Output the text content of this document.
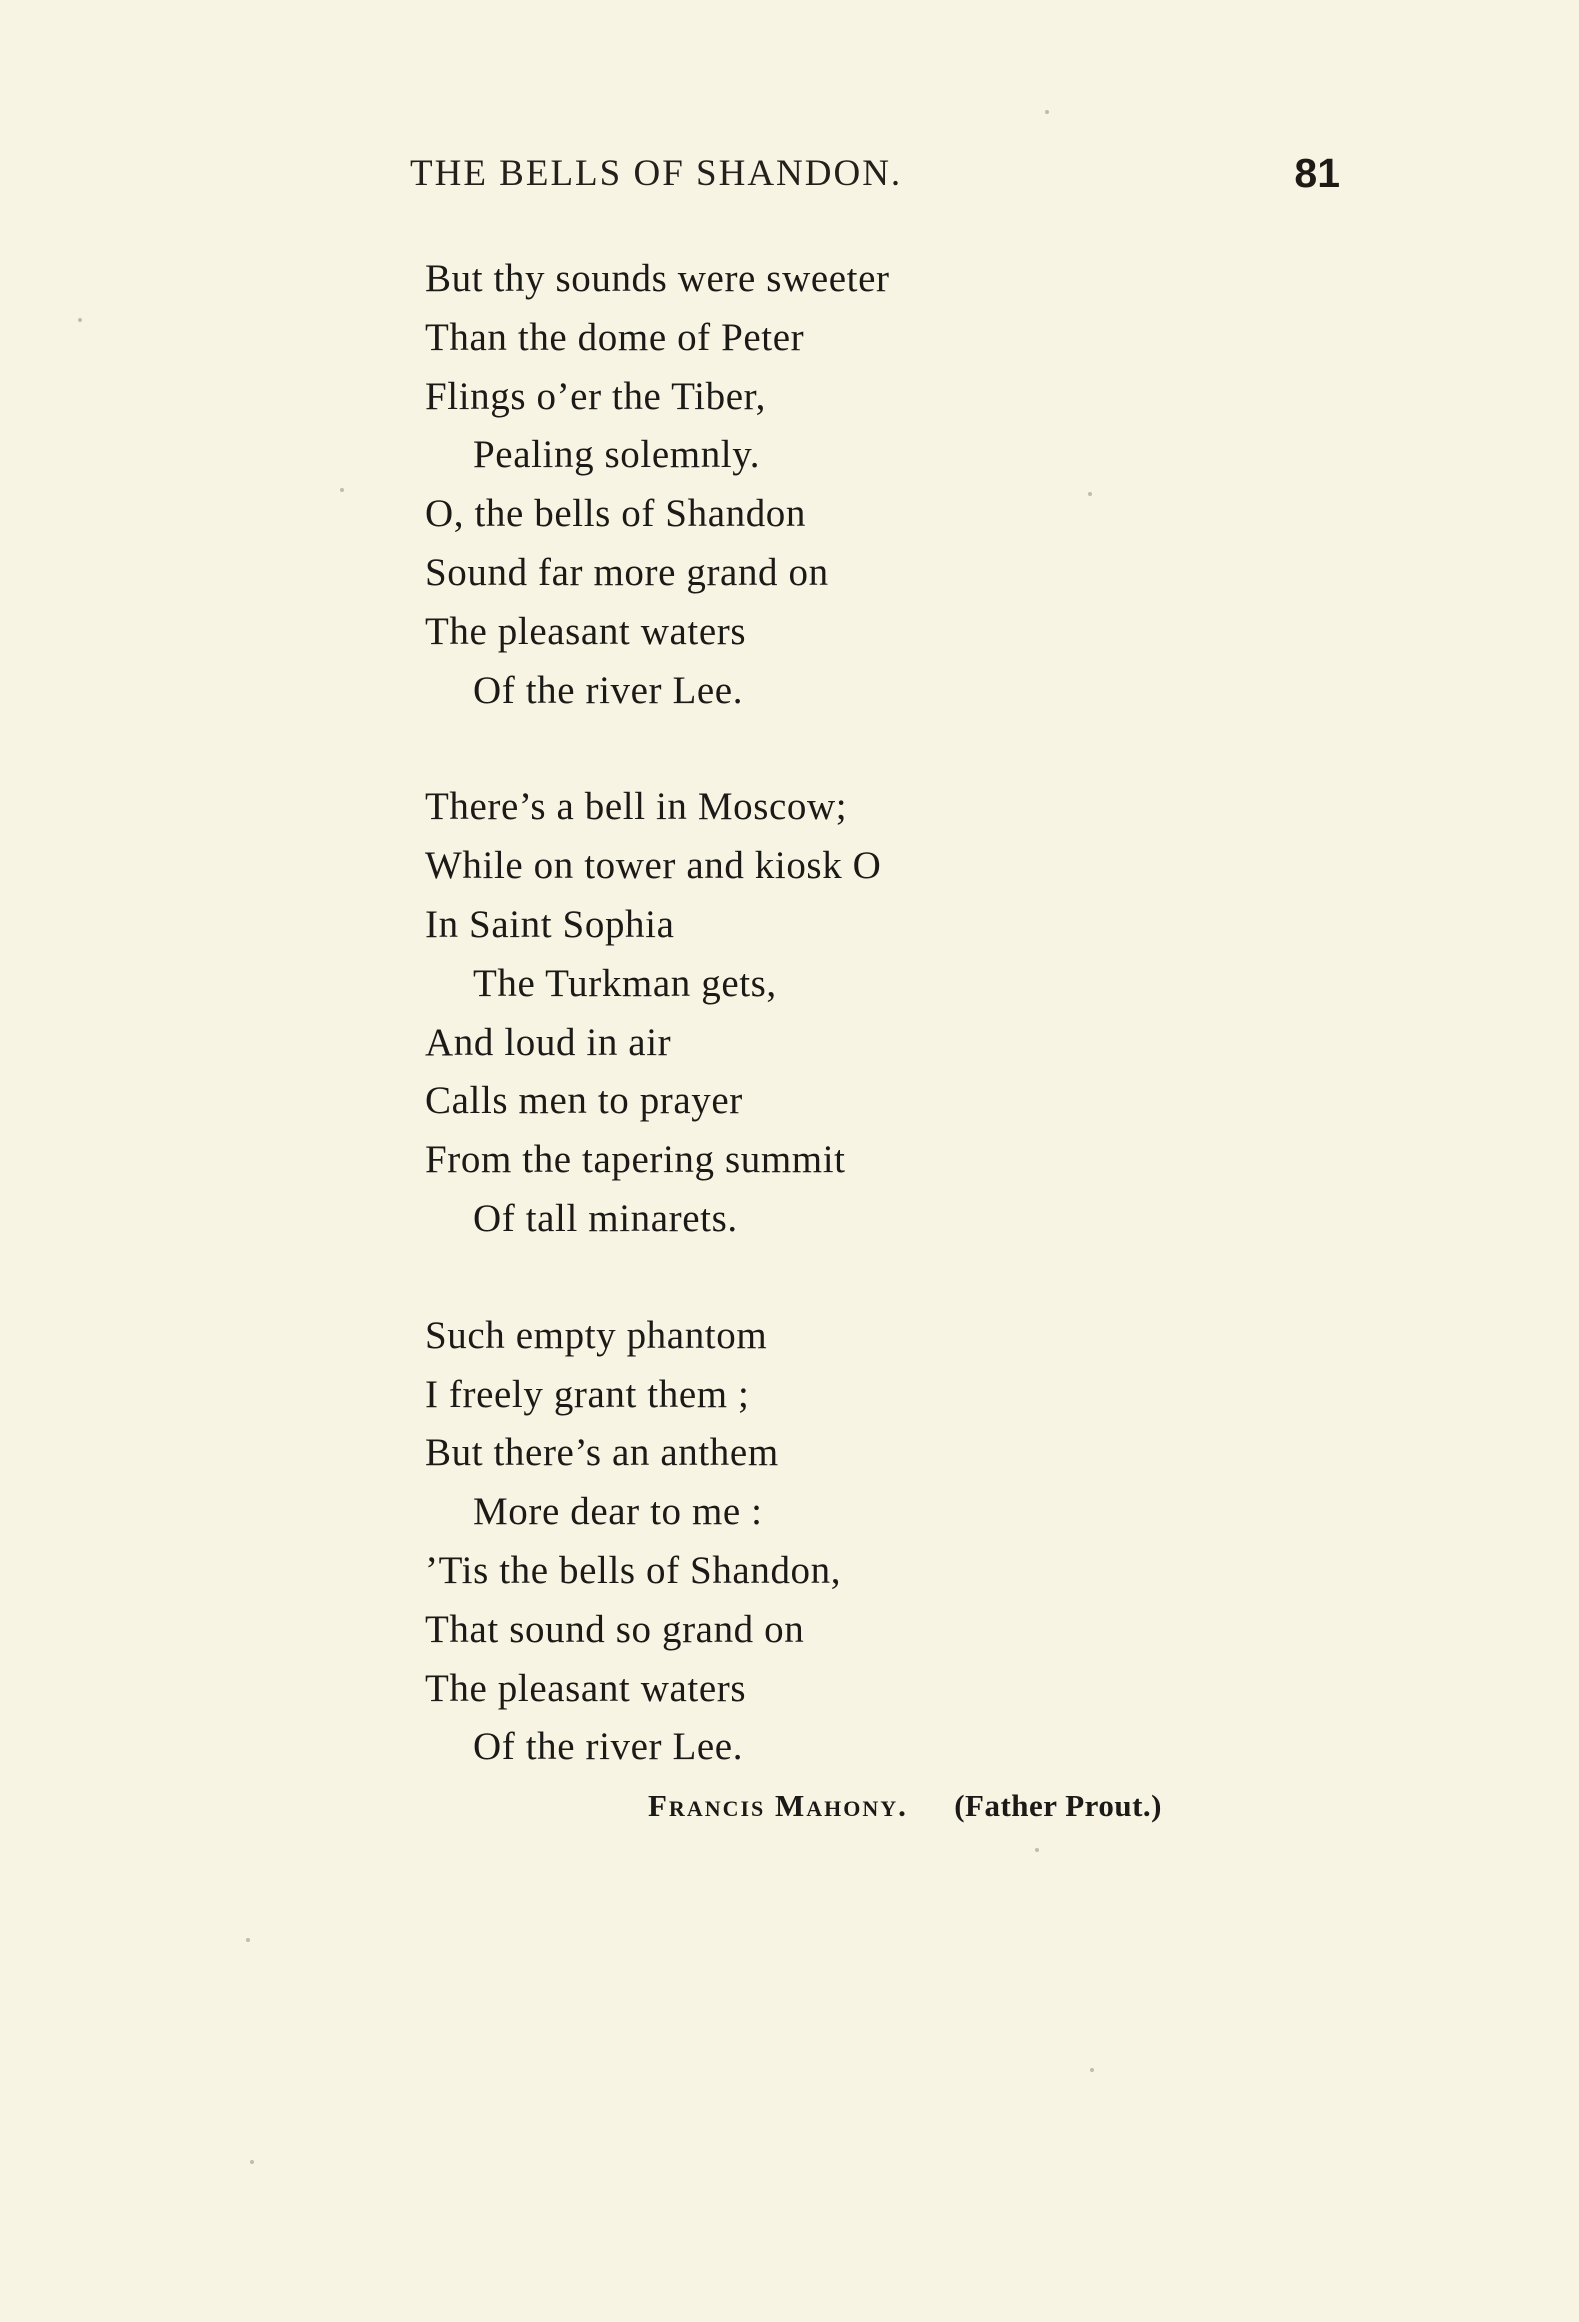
THE BELLS OF SHANDON.	81
But thy sounds were sweeter
Than the dome of Peter
Flings o’er the Tiber,
Pealing solemnly.
O, the bells of Shandon
Sound far more grand on
The pleasant waters
Of the river Lee.
There’s a bell in Moscow;
While on tower and kiosk O
In Saint Sophia
The Turkman gets,
And loud in air
Calls men to prayer
From the tapering summit
Of tall minarets.
Such empty phantom
I freely grant them ;
But there’s an anthem
More dear to me :
’Tis the bells of Shandon,
That sound so grand on
The pleasant waters
Of the river Lee.
Francis Mahony. (Father Prout.)
